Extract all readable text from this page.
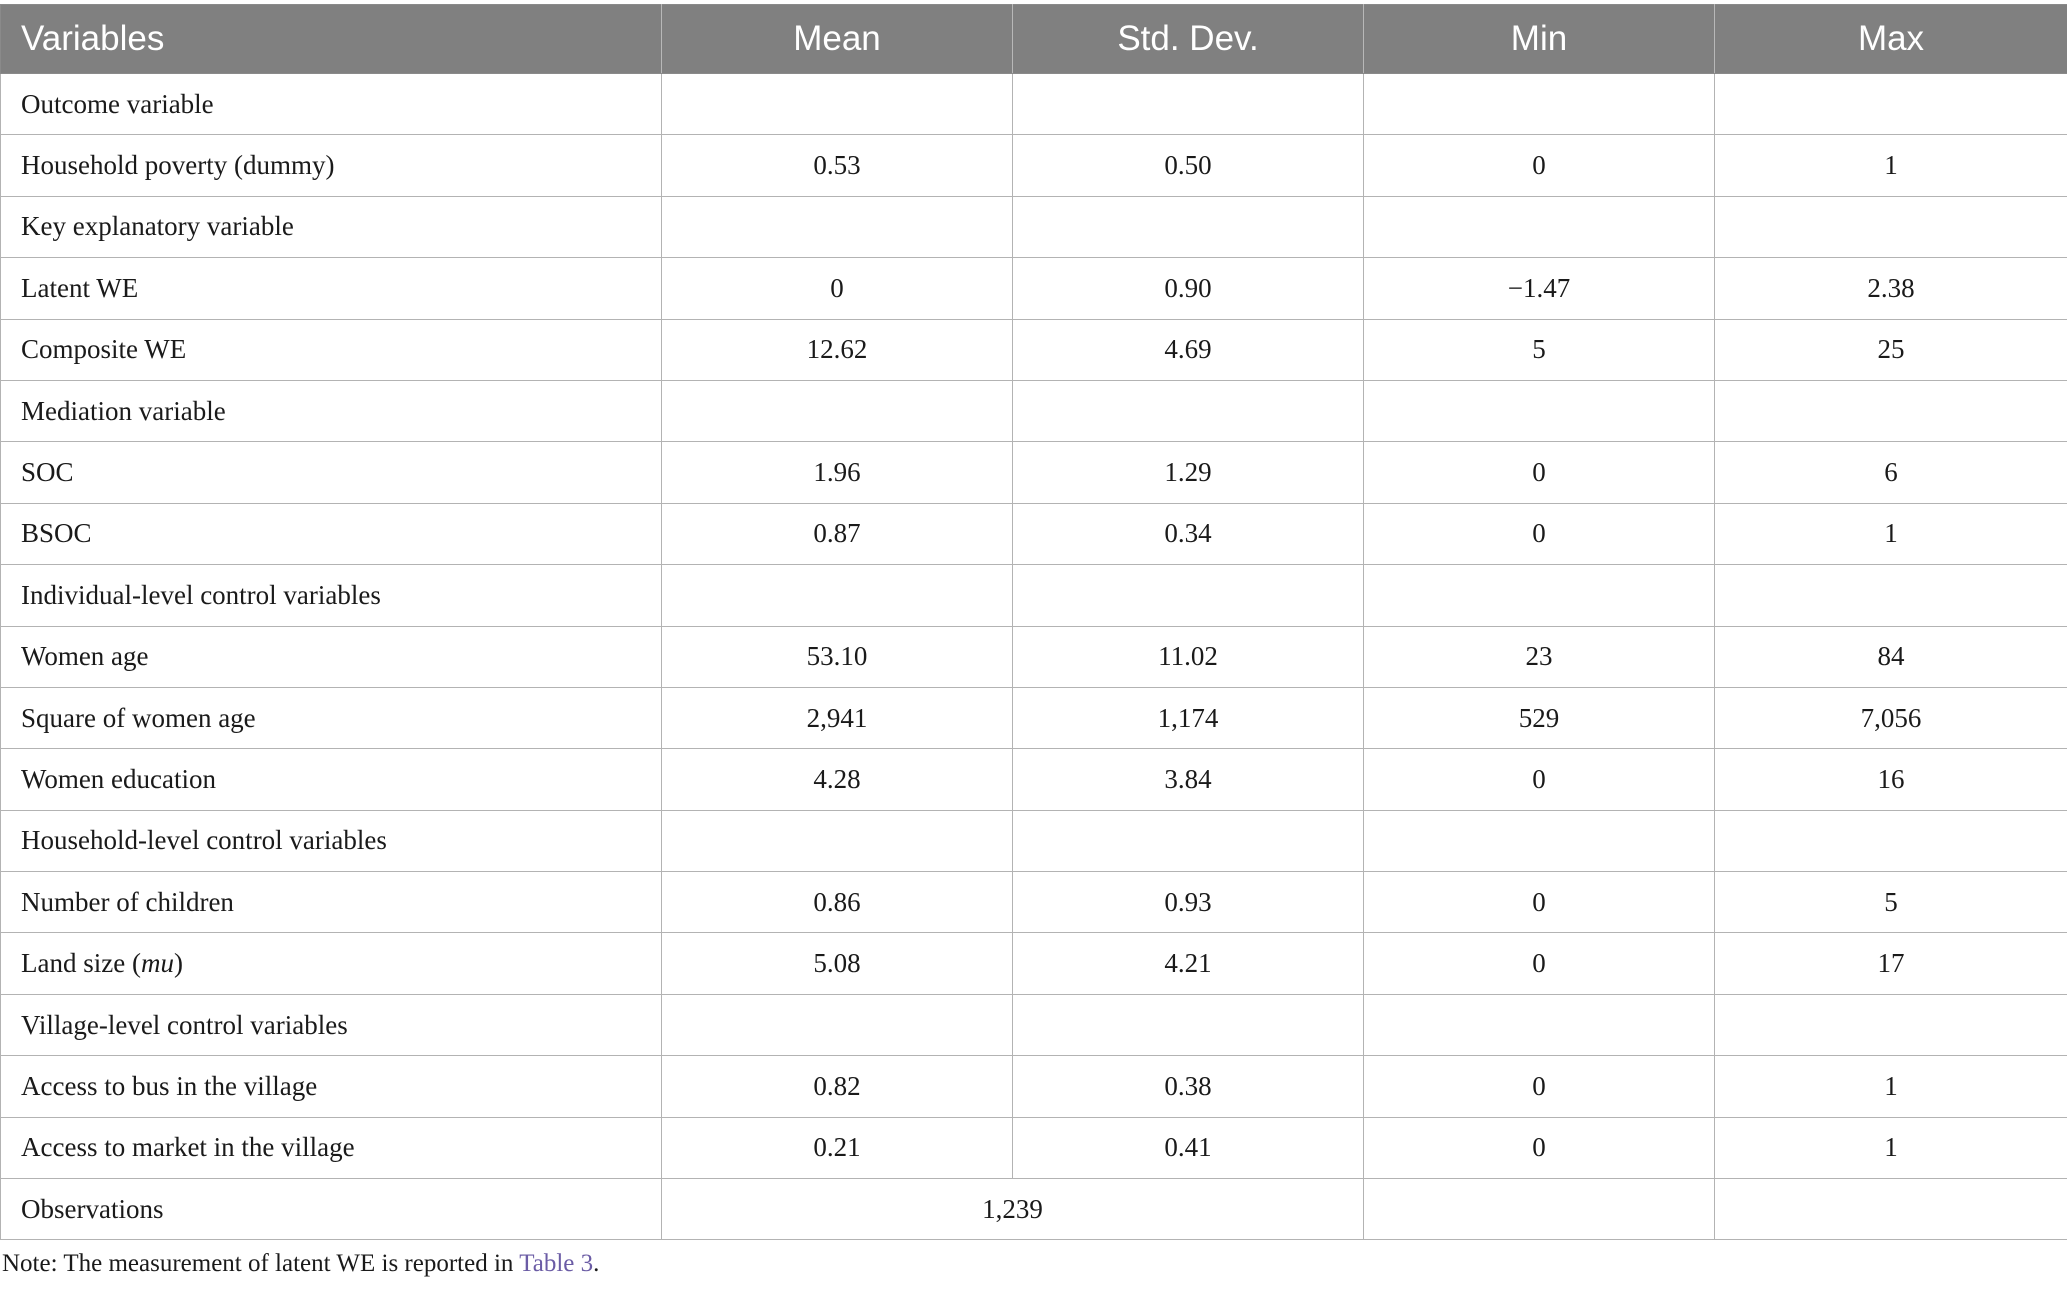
Variables	Mean	Std. Dev.	Min	Max
Outcome variable				
Household poverty (dummy)	0.53	0.50	0	1
Key explanatory variable				
Latent WE	0	0.90	−1.47	2.38
Composite WE	12.62	4.69	5	25
Mediation variable				
SOC	1.96	1.29	0	6
BSOC	0.87	0.34	0	1
Individual-level control variables				
Women age	53.10	11.02	23	84
Square of women age	2,941	1,174	529	7,056
Women education	4.28	3.84	0	16
Household-level control variables				
Number of children	0.86	0.93	0	5
Land size (mu)	5.08	4.21	0	17
Village-level control variables				
Access to bus in the village	0.82	0.38	0	1
Access to market in the village	0.21	0.41	0	1
Observations	1,239			
Note: The measurement of latent WE is reported in Table 3.
